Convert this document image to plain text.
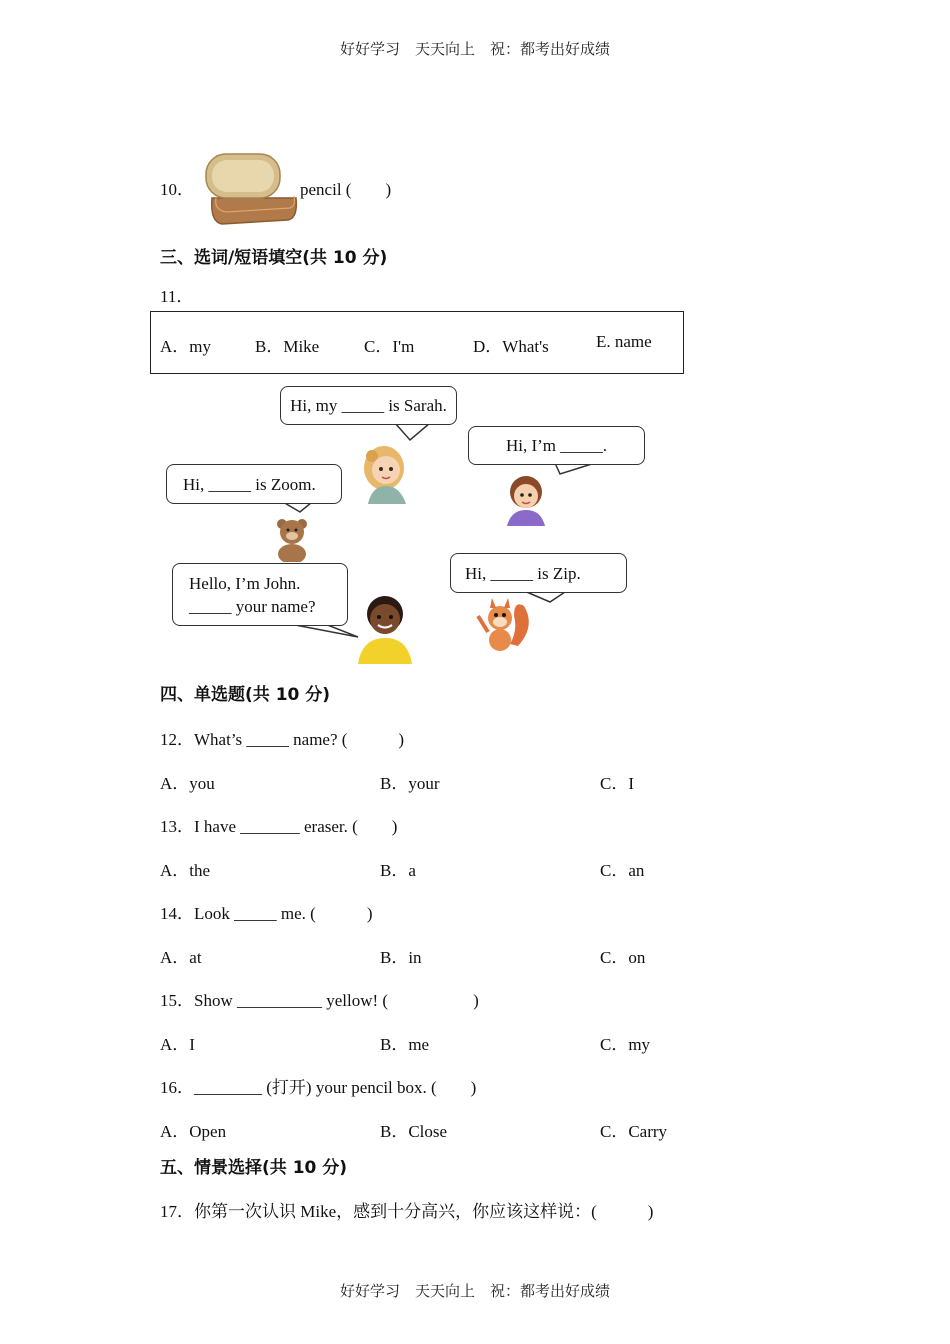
好好学习　天天向上　祝：都考出好成绩
10．	pencil (　　)
三、选词/短语填空(共 10 分)
11．
A．my	B．Mike	C．I'm	D．What's	E. name
Hi, my _____ is Sarah.
Hi, I’m _____.
Hi, _____ is Zoom.
Hello, I’m John.
_____ your name?
Hi, _____ is Zip.
四、单选题(共 10 分)
12．What’s _____ name? (　　　)
A．you	B．your	C．I
13．I have _______ eraser. (　　)
A．the	B．a	C．an
14．Look _____ me. (　　　)
A．at	B．in	C．on
15．Show __________ yellow! (　　　　　)
A．I	B．me	C．my
16．________ (打开) your pencil box. (　　)
A．Open	B．Close	C．Carry
五、情景选择(共 10 分)
17．你第一次认识 Mike，感到十分高兴，你应该这样说：(　　　)
好好学习　天天向上　祝：都考出好成绩
